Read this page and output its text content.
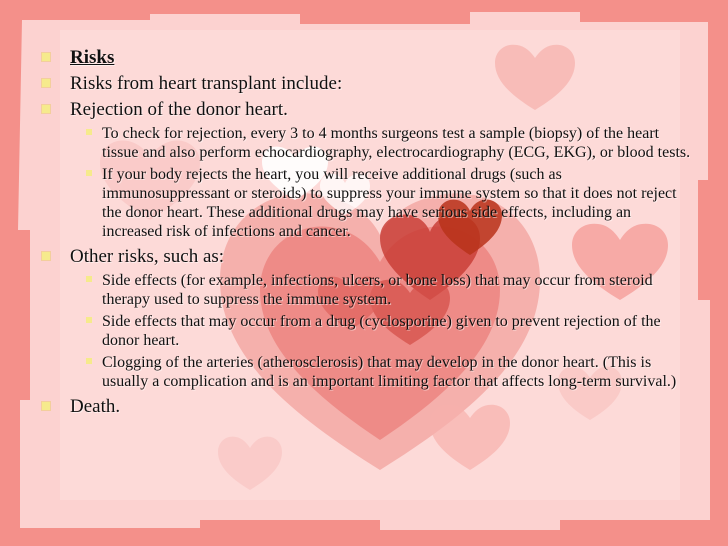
Risks
Risks from heart transplant include:
Rejection of the donor heart.
To check for rejection, every 3 to 4 months surgeons test a sample (biopsy) of the heart tissue and also perform echocardiography, electrocardiography (ECG, EKG), or blood tests.
If your body rejects the heart, you will receive additional drugs (such as immunosuppressant or steroids) to suppress your immune system so that it does not reject the donor heart. These additional drugs may have serious side effects, including an increased risk of infections and cancer.
Other risks, such as:
Side effects (for example, infections, ulcers, or bone loss) that may occur from steroid therapy used to suppress the immune system.
Side effects that may occur from a drug (cyclosporine) given to prevent rejection of the donor heart.
Clogging of the arteries (atherosclerosis) that may develop in the donor heart. (This is usually a complication and is an important limiting factor that affects long-term survival.)
Death.
